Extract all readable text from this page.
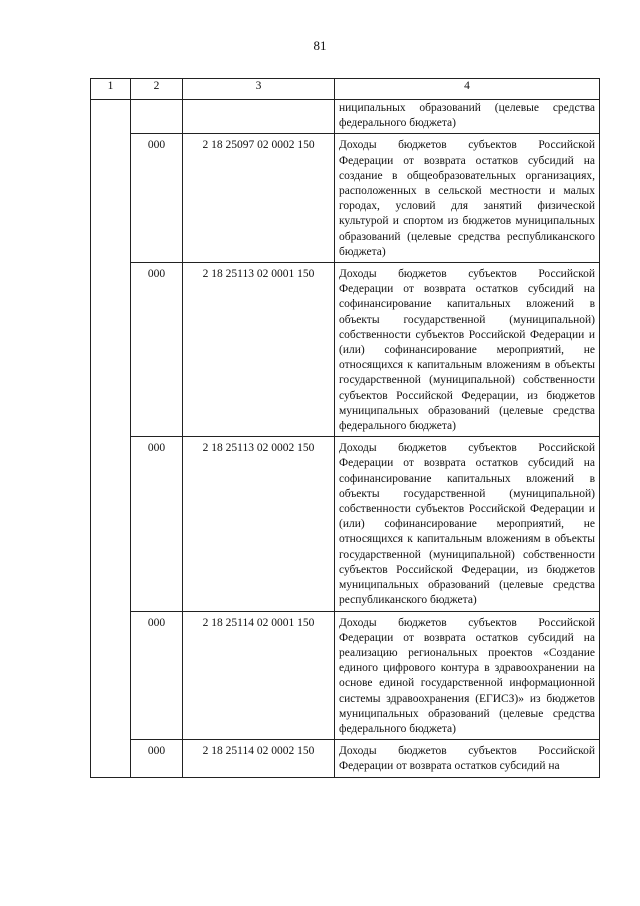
81
1	2	3	4
			ниципальных образований (целевые средства федерального бюджета)
	000	2 18 25097 02 0002 150	Доходы бюджетов субъектов Российской Федерации от возврата остатков субсидий на создание в общеобразовательных организациях, расположенных в сельской местности и малых городах, условий для занятий физической культурой и спортом из бюджетов муниципальных образований (целевые средства республиканского бюджета)
	000	2 18 25113 02 0001 150	Доходы бюджетов субъектов Российской Федерации от возврата остатков субсидий на софинансирование капитальных вложений в объекты государственной (муниципальной) собственности субъектов Российской Федерации и (или) софинансирование мероприятий, не относящихся к капитальным вложениям в объекты государственной (муниципальной) собственности субъектов Российской Федерации, из бюджетов муниципальных образований (целевые средства федерального бюджета)
	000	2 18 25113 02 0002 150	Доходы бюджетов субъектов Российской Федерации от возврата остатков субсидий на софинансирование капитальных вложений в объекты государственной (муниципальной) собственности субъектов Российской Федерации и (или) софинансирование мероприятий, не относящихся к капитальным вложениям в объекты государственной (муниципальной) собственности субъектов Российской Федерации, из бюджетов муниципальных образований (целевые средства республиканского бюджета)
	000	2 18 25114 02 0001 150	Доходы бюджетов субъектов Российской Федерации от возврата остатков субсидий на реализацию региональных проектов «Создание единого цифрового контура в здравоохранении на основе единой государственной информационной системы здравоохранения (ЕГИСЗ)» из бюджетов муниципальных образований (целевые средства федерального бюджета)
	000	2 18 25114 02 0002 150	Доходы бюджетов субъектов Российской Федерации от возврата остатков субсидий на
